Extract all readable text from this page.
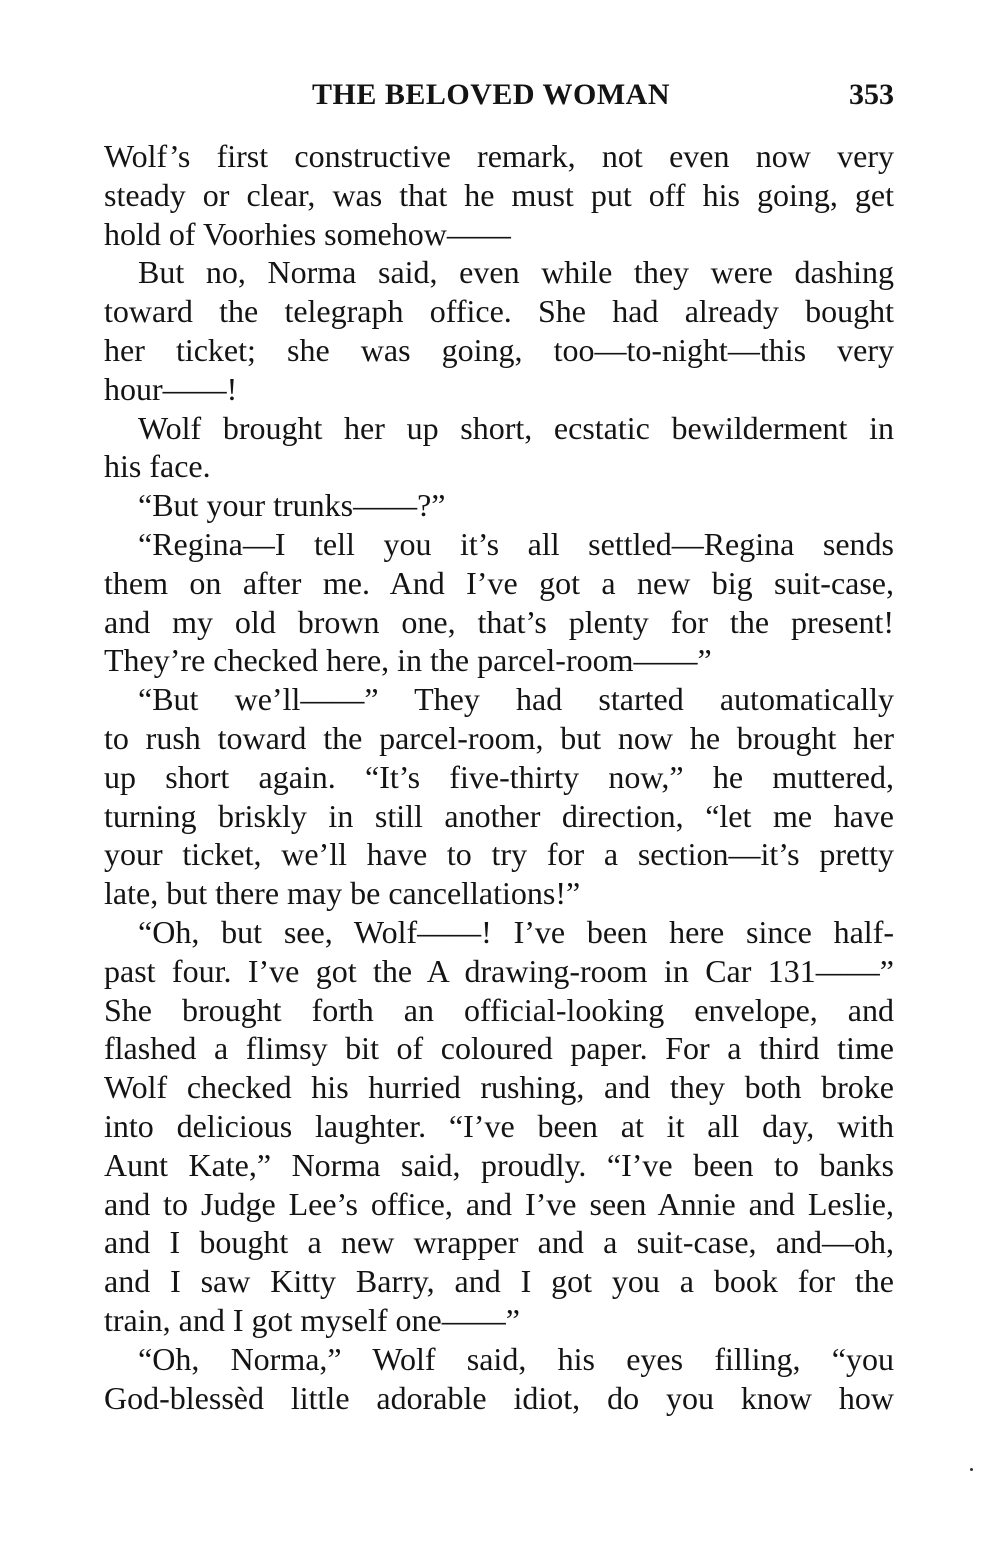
THE BELOVED WOMAN	353
Wolf’s first constructive remark, not even now very
steady or clear, was that he must put off his going, get
hold of Voorhies somehow——
But no, Norma said, even while they were dashing
toward the telegraph office. She had already bought
her ticket; she was going, too—to-night—this very
hour——!
Wolf brought her up short, ecstatic bewilderment in
his face.
“But your trunks——?”
“Regina—I tell you it’s all settled—Regina sends
them on after me. And I’ve got a new big suit-case,
and my old brown one, that’s plenty for the present!
They’re checked here, in the parcel-room——”
“But we’ll——” They had started automatically
to rush toward the parcel-room, but now he brought her
up short again. “It’s five-thirty now,” he muttered,
turning briskly in still another direction, “let me have
your ticket, we’ll have to try for a section—it’s pretty
late, but there may be cancellations!”
“Oh, but see, Wolf——! I’ve been here since half-
past four. I’ve got the A drawing-room in Car 131——”
She brought forth an official-looking envelope, and
flashed a flimsy bit of coloured paper. For a third time
Wolf checked his hurried rushing, and they both broke
into delicious laughter. “I’ve been at it all day, with
Aunt Kate,” Norma said, proudly. “I’ve been to banks
and to Judge Lee’s office, and I’ve seen Annie and Leslie,
and I bought a new wrapper and a suit-case, and—oh,
and I saw Kitty Barry, and I got you a book for the
train, and I got myself one——”
“Oh, Norma,” Wolf said, his eyes filling, “you
God-blessèd little adorable idiot, do you know how
